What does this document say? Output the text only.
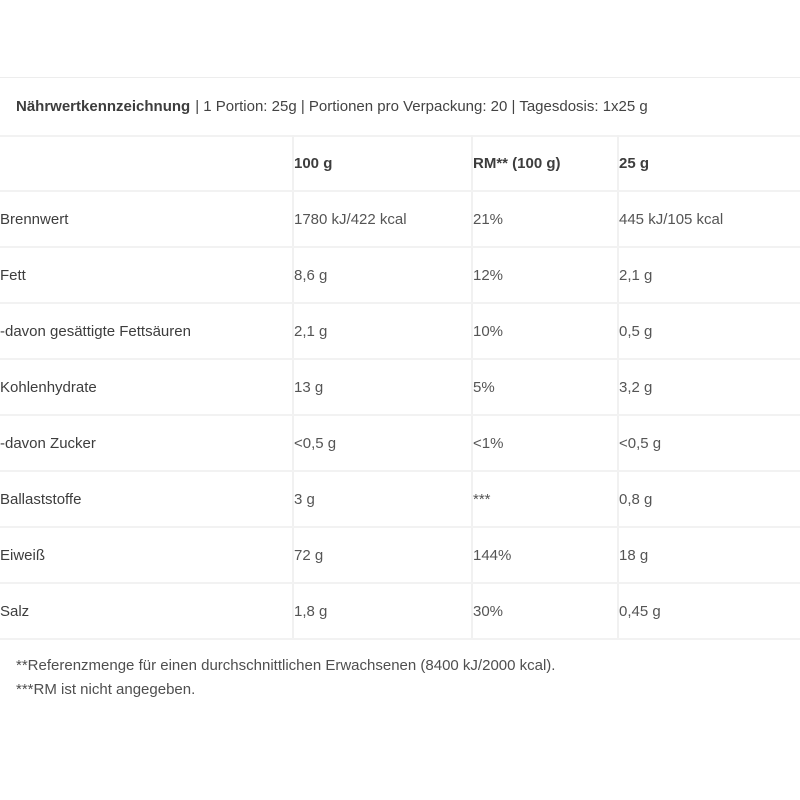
Nährwertkennzeichnung | 1 Portion: 25g | Portionen pro Verpackung: 20 | Tagesdosis: 1x25 g
	100 g	RM** (100 g)	25 g
Brennwert	1780 kJ/422 kcal	21%	445 kJ/105 kcal
Fett	8,6 g	12%	2,1 g
-davon gesättigte Fettsäuren	2,1 g	10%	0,5 g
Kohlenhydrate	13 g	5%	3,2 g
-davon Zucker	<0,5 g	<1%	<0,5 g
Ballaststoffe	3 g	***	0,8 g
Eiweiß	72 g	144%	18 g
Salz	1,8 g	30%	0,45 g

**Referenzmenge für einen durchschnittlichen Erwachsenen (8400 kJ/2000 kcal).

***RM ist nicht angegeben.
